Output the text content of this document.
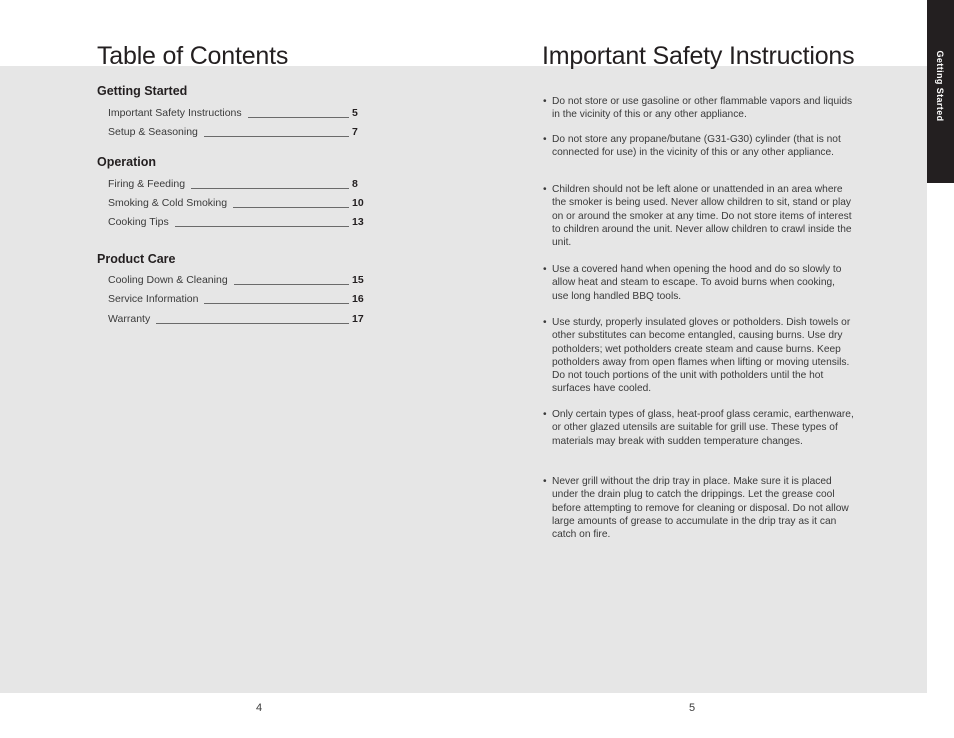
Getting Started
Table of Contents	Important Safety Instructions
Getting Started
Important Safety Instructions	5
Setup & Seasoning	7
Operation
Firing & Feeding	8
Smoking & Cold Smoking	10
Cooking Tips	13
Product Care
Cooling Down & Cleaning	15
Service Information	16
Warranty	17
• Do not store or use gasoline or other flammable vapors and liquids in the vicinity of this or any other appliance.
• Do not store any propane/butane (G31-G30) cylinder (that is not connected for use) in the vicinity of this or any other appliance.
• Children should not be left alone or unattended in an area where the smoker is being used. Never allow children to sit, stand or play on or around the smoker at any time. Do not store items of interest to children around the unit. Never allow children to crawl inside the unit.
• Use a covered hand when opening the hood and do so slowly to allow heat and steam to escape. To avoid burns when cooking, use long handled BBQ tools.
• Use sturdy, properly insulated gloves or potholders. Dish towels or other substitutes can become entangled, causing burns. Use dry potholders; wet potholders create steam and cause burns. Keep potholders away from open flames when lifting or moving utensils. Do not touch portions of the unit with potholders until the hot surfaces have cooled.
• Only certain types of glass, heat-proof glass ceramic, earthenware, or other glazed utensils are suitable for grill use. These types of materials may break with sudden temperature changes.
• Never grill without the drip tray in place. Make sure it is placed under the drain plug to catch the drippings. Let the grease cool before attempting to remove for cleaning or disposal. Do not allow large amounts of grease to accumulate in the drip tray as it can catch on fire.
4	5
